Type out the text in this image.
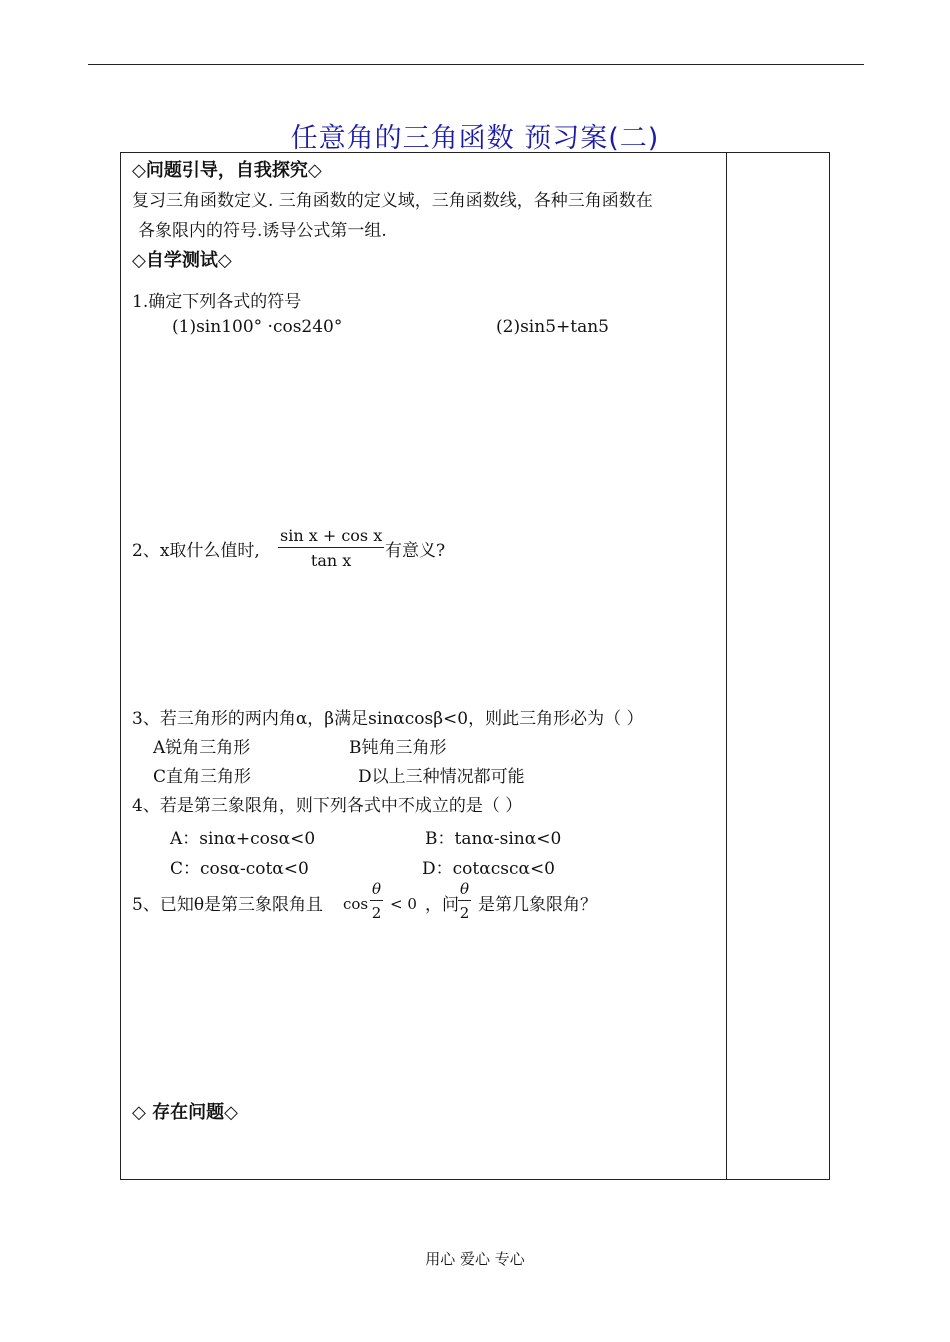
任意角的三角函数 预习案(二)
◇问题引导，自我探究◇
复习三角函数定义. 三角函数的定义域，三角函数线，各种三角函数在
各象限内的符号.诱导公式第一组.
◇自学测试◇
1.确定下列各式的符号
(1)sin100° ·cos240°	(2)sin5+tan5
2、x取什么值时, $\frac{\text{sin x + cos x}}{\text{tan x}}$ 有意义?
3、若三角形的两内角α，β满足sinαcosβ<0，则此三角形必为（ ）
A锐角三角形	B钝角三角形
C直角三角形	D以上三种情况都可能
4、若是第三象限角，则下列各式中不成立的是（ ）
A：sinα+cosα<0	B：tanα-sinα<0
C：cosα-cotα<0	D：cotαcscα<0
5、已知θ是第三象限角且 $\cos \frac{\theta}{2} < 0$ ，问 $\frac{\theta}{2}$ 是第几象限角？
◇ 存在问题◇
用心 爱心 专心
